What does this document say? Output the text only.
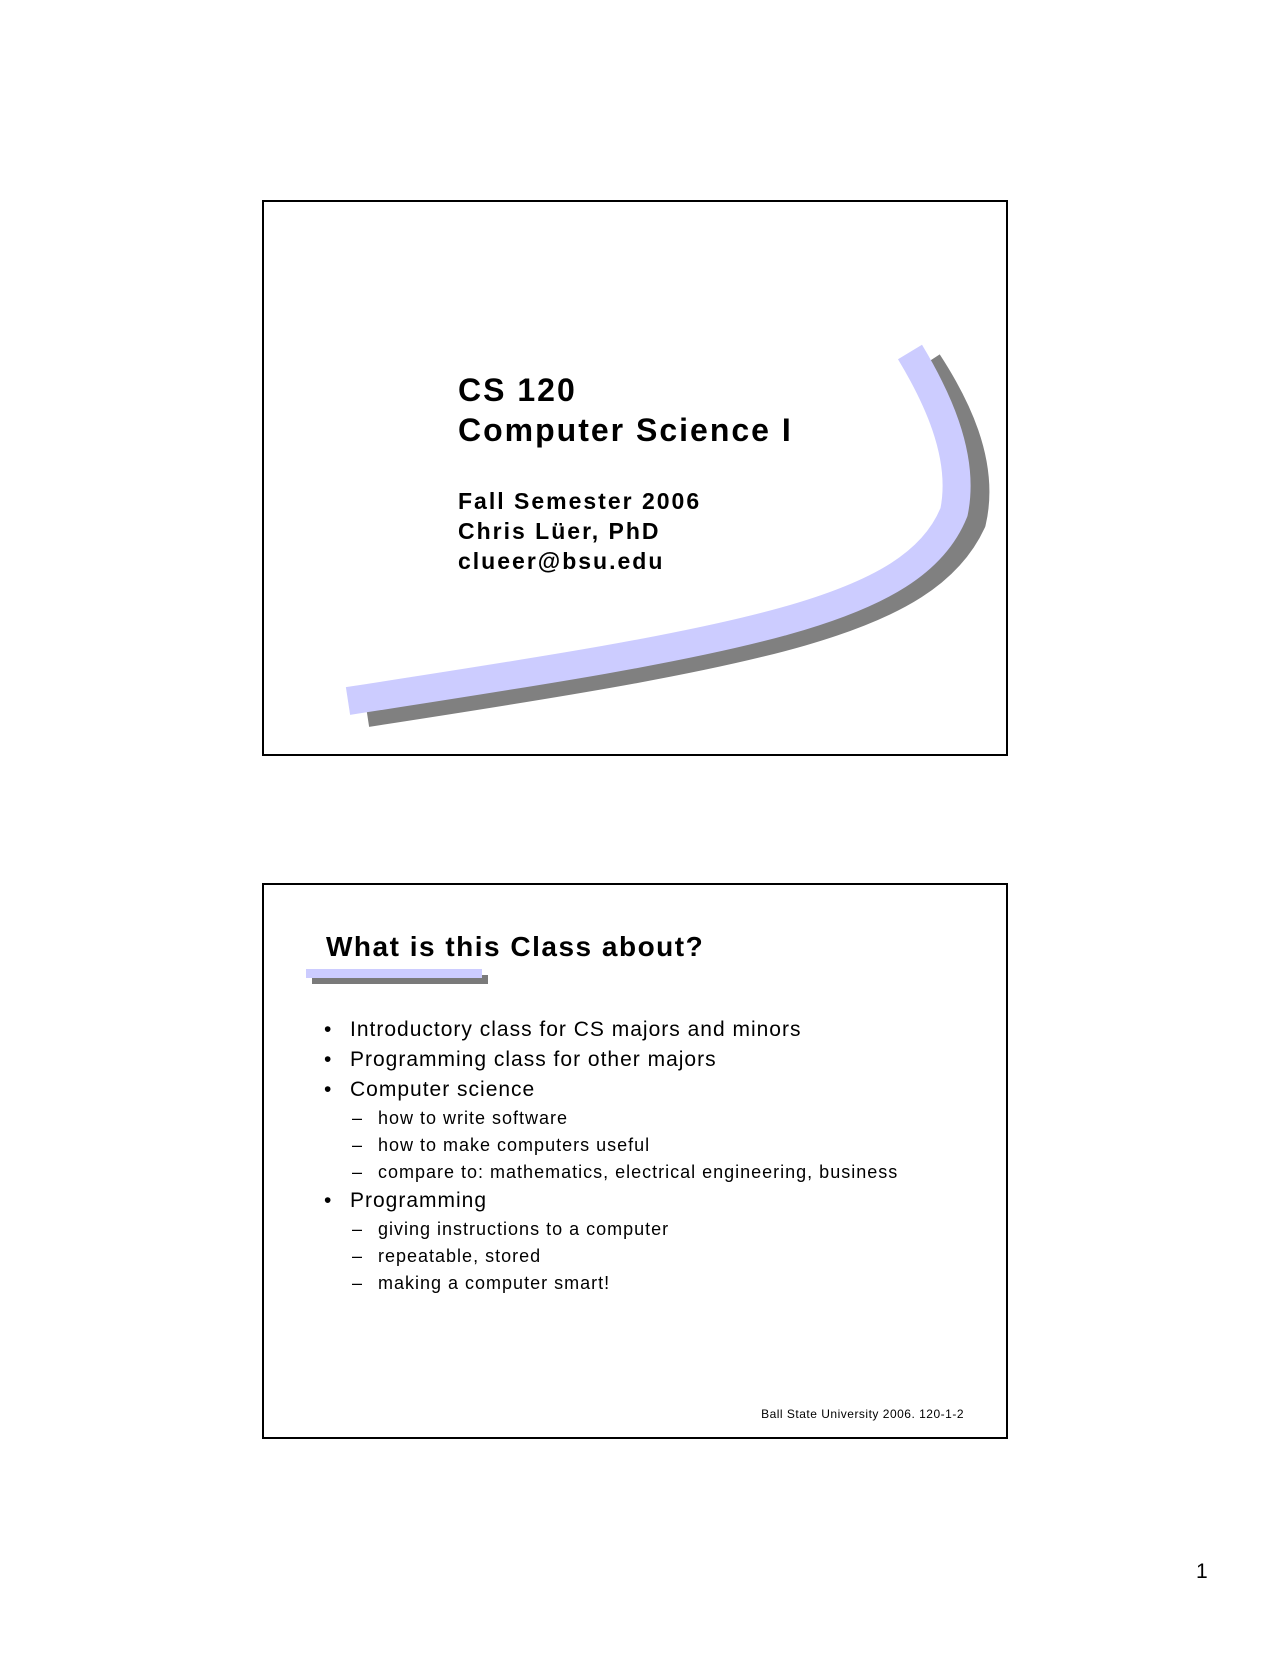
CS 120
Computer Science I
Fall Semester 2006
Chris Lüer, PhD
clueer@bsu.edu
What is this Class about?
• Introductory class for CS majors and minors
• Programming class for other majors
• Computer science
– how to write software
– how to make computers useful
– compare to: mathematics, electrical engineering, business
• Programming
– giving instructions to a computer
– repeatable, stored
– making a computer smart!
Ball State University 2006. 120-1-2
1
